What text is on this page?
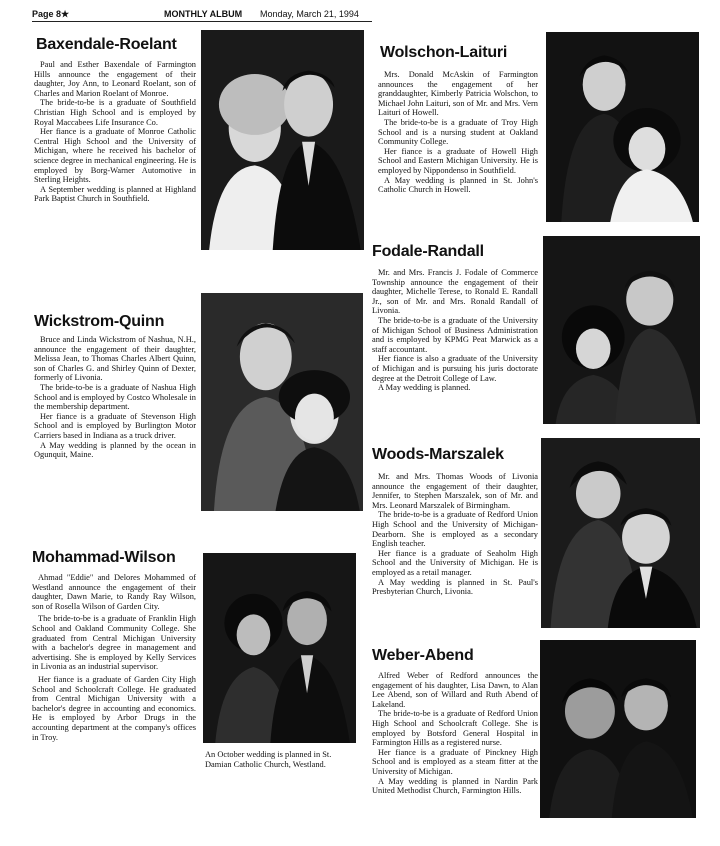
Page 8★	MONTHLY ALBUM Monday, March 21, 1994
Baxendale-Roelant

Paul and Esther Baxendale of Farmington Hills announce the engagement of their daughter, Joy Ann, to Leonard Roelant, son of Charles and Marion Roelant of Monroe.

The bride-to-be is a graduate of Southfield Christian High School and is employed by Royal Maccabees Life Insurance Co.

Her fiance is a graduate of Monroe Catholic Central High School and the University of Michigan, where he received his bachelor of science degree in mechanical engineering. He is employed by Borg-Warner Automotive in Sterling Heights.

A September wedding is planned at Highland Park Baptist Church in Southfield.

Wickstrom-Quinn

Bruce and Linda Wickstrom of Nashua, N.H., announce the engagement of their daughter, Melissa Jean, to Thomas Charles Albert Quinn, son of Charles G. and Shirley Quinn of Dexter, formerly of Livonia.

The bride-to-be is a graduate of Nashua High School and is employed by Costco Wholesale in the membership department.

Her fiance is a graduate of Stevenson High School and is employed by Burlington Motor Carriers based in Indiana as a truck driver.

A May wedding is planned by the ocean in Ogunquit, Maine.

Mohammad-Wilson

Ahmad "Eddie" and Delores Mohammed of Westland announce the engagement of their daughter, Dawn Marie, to Randy Ray Wilson, son of Rosella Wilson of Garden City.

The bride-to-be is a graduate of Franklin High School and Oakland Community College. She graduated from Central Michigan University with a bachelor's degree in management and advertising. She is employed by Kelly Services in Livonia as an industrial supervisor.

Her fiance is a graduate of Garden City High School and Schoolcraft College. He graduated from Central Michigan University with a bachelor's degree in accounting and economics. He is employed by Arbor Drugs in the accounting department at the company's offices in Troy.

An October wedding is planned in St. Damian Catholic Church, Westland.

Wolschon-Laituri

Mrs. Donald McAskin of Farmington announces the engagement of her granddaughter, Kimberly Patricia Wolschon, to Michael John Laituri, son of Mr. and Mrs. Vern Laituri of Howell.

The bride-to-be is a graduate of Troy High School and is a nursing student at Oakland Community College.

Her fiance is a graduate of Howell High School and Eastern Michigan University. He is employed by Nippondenso in Southfield.

A May wedding is planned in St. John's Catholic Church in Howell.

Fodale-Randall

Mr. and Mrs. Francis J. Fodale of Commerce Township announce the engagement of their daughter, Michelle Terese, to Ronald E. Randall Jr., son of Mr. and Mrs. Ronald Randall of Livonia.

The bride-to-be is a graduate of the University of Michigan School of Business Administration and is employed by KPMG Peat Marwick as a staff accountant.

Her fiance is also a graduate of the University of Michigan and is pursuing his juris doctorate degree at the Detroit College of Law.

A May wedding is planned.

Woods-Marszalek

Mr. and Mrs. Thomas Woods of Livonia announce the engagement of their daughter, Jennifer, to Stephen Marszalek, son of Mr. and Mrs. Leonard Marszalek of Birmingham.

The bride-to-be is a graduate of Redford Union High School and the University of Michigan-Dearborn. She is employed as a secondary English teacher.

Her fiance is a graduate of Seaholm High School and the University of Michigan. He is employed as a retail manager.

A May wedding is planned in St. Paul's Presbyterian Church, Livonia.

Weber-Abend

Alfred Weber of Redford announces the engagement of his daughter, Lisa Dawn, to Alan Lee Abend, son of Willard and Ruth Abend of Lakeland.

The bride-to-be is a graduate of Redford Union High School and Schoolcraft College. She is employed by Botsford General Hospital in Farmington Hills as a registered nurse.

Her fiance is a graduate of Pinckney High School and is employed as a steam fitter at the University of Michigan.

A May wedding is planned in Nardin Park United Methodist Church, Farmington Hills.
